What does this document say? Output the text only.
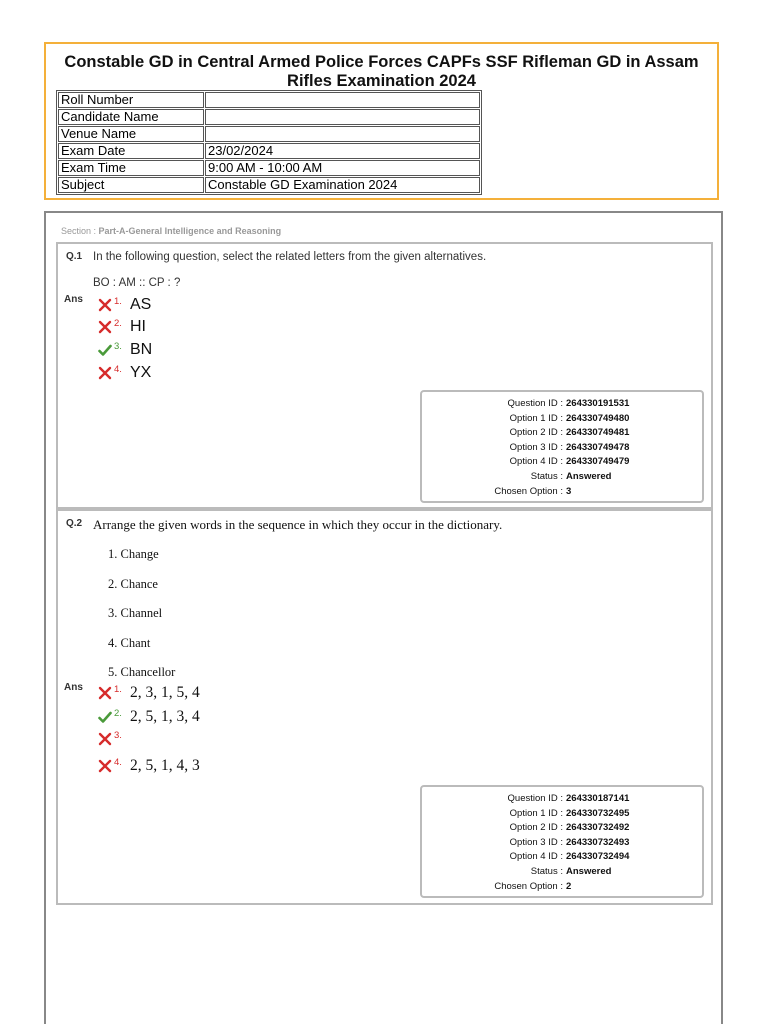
Constable GD in Central Armed Police Forces CAPFs SSF Rifleman GD in Assam Rifles Examination 2024
Roll Number	
Candidate Name	
Venue Name	
Exam Date	23/02/2024
Exam Time	9:00 AM - 10:00 AM
Subject	Constable GD Examination 2024
Section : Part-A-General Intelligence and Reasoning
Q.1 In the following question, select the related letters from the given alternatives.
BO : AM :: CP : ?
Ans	1. AS
2. HI
3. BN
4. YX
Question ID : 264330191531
Option 1 ID : 264330749480
Option 2 ID : 264330749481
Option 3 ID : 264330749478
Option 4 ID : 264330749479
Status : Answered
Chosen Option : 3
Q.2 Arrange the given words in the sequence in which they occur in the dictionary.
1. Change
2. Chance
3. Channel
4. Chant
5. Chancellor
Ans	1. 2, 3, 1, 5, 4
2. 2, 5, 1, 3, 4
3.
4. 2, 5, 1, 4, 3
Question ID : 264330187141
Option 1 ID : 264330732495
Option 2 ID : 264330732492
Option 3 ID : 264330732493
Option 4 ID : 264330732494
Status : Answered
Chosen Option : 2
